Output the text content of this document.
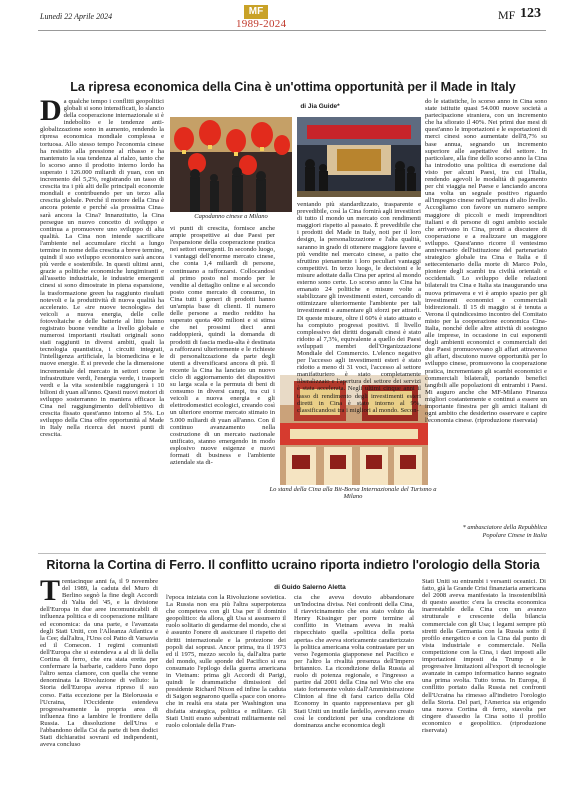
Lunedì 22 Aprile 2024	MF
1989-2024
MF 123
La ripresa economica della Cina è un'ottima opportunità per il Made in Italy
di Jia Guide*
Da qualche tempo i conflitti geopolitici globali si sono intensificati, lo slancio della cooperazione internazionale si è indebolito e le tendenze anti-globalizzazione sono in aumento, rendendo la ripresa economica mondiale complessa e tortuosa. Allo stesso tempo l'economia cinese ha resistito alla pressione al ribasso e ha mantenuto la sua tendenza al rialzo, tanto che lo scorso anno il prodotto interno lordo ha superato i 126.000 miliardi di yuan, con un incremento del 5,2%, registrando un tasso di crescita tra i più alti delle principali economie mondiali e contribuendo per un terzo alla crescita globale. Perché il motore della Cina è ancora potente e perché «la prossima Cina» sarà ancora la Cina? Innanzitutto, la Cina persegue un nuovo concetto di sviluppo e continua a promuovere uno sviluppo di alta qualità. La Cina non intende sacrificare l'ambiente nel accumulare ricchi a lungo termine in nome della crescita a breve termine, quindi il suo sviluppo economico sarà ancora più verde e sostenibile. In questi ultimi anni, grazie a politiche economiche lungimiranti e all'assetto industriale, le industrie emergenti cinesi si sono dimostrate in piena espansione, la trasformazione green ha raggiunto risultati notevoli e la produttività di nuova qualità ha accelerato. Le «tre nuove tecnologie» dei veicoli a nuova energia, delle celle fotovoltaiche e delle batterie al litio hanno registrato buone vendite a livello globale e numerosi importanti risultati originali sono stati raggiunti in diversi ambiti, quali la tecnologia quantistica, i circuiti integrati, l'intelligenza artificiale, la biomedicina e le nuove energie. È si prevede che la dimensione incrementale del mercato in settori come le infrastrutture verdi, l'energia verde, i trasporti verdi e la vita sostenibile raggiungerà i 10 bilioni di yuan all'anno. Questi nuovi motori di sviluppo sosterranno in maniera efficace la Cina nel raggiungimento dell'obiettivo di crescita fissato quest'anno intorno al 5%. Lo sviluppo della Cina offre opportunità al Made in Italy nella ricerca dei nuovi punti di crescita.
Capodanno cinese a Milano
Lo stand della Cina alla Bit-Borsa Internazionale del Turismo a Milano
vi punti di crescita, fornisce anche ampie prospettive ai due Paesi per l'espansione della cooperazione pratica nei settori emergenti. In secondo luogo, i vantaggi dell'enorme mercato cinese, che conta 1,4 miliardi di persone, continuano a rafforzarsi. Collocandosi al primo posto nel mondo per le vendite al dettaglio online e al secondo posto come mercato di consumo, in Cina tutti i generi di prodotti hanno un'ampia base di clienti. Il numero delle persone a medio reddito ha superato quota 400 milioni e si stima che nei prossimi dieci anni raddoppierà, quindi la domanda di prodotti di fascia media-alta è destinata a rafforzarsi ulteriormente e le richieste di personalizzazione da parte degli utenti a diversificarsi ancora di più. Il recente la Cina ha lanciato un nuovo ciclo di aggiornamento dei dispositivi su larga scala e la permuta di beni di consumo in diversi campi, tra cui i veicoli a nuova energia e gli elettrodomestici ecologici, creando così un ulteriore enorme mercato stimato in 5.000 miliardi di yuan all'anno. Con il continuo avanzamento nella costruzione di un mercato nazionale unificato, stanno emergendo in modo esplosivo nuove esigenze e nuovi formati di business e l'ambiente aziendale sta di-
ventando più standardizzato, trasparente e prevedibile, così la Cina fornirà agli investitori di tutto il mondo un mercato con rendimenti maggiori rispetto al passato. È prevedibile che i prodotti del Made in Italy, noti per il loro design, la personalizzazione e l'alta qualità, saranno in grado di ottenere maggiore favore e più vendite nel mercato cinese, a patto che sfruttino pienamente i loro peculiari vantaggi competitivi. In terzo luogo, le decisioni e le misure adottate dalla Cina per aprirsi al mondo esterno sono certe. Lo scorso anno la Cina ha emanato 24 politiche e misure volte a stabilizzare gli investimenti esteri, cercando di ottimizzare ulteriormente l'ambiente per tali investimenti e aumentare gli sforzi per attrarli. Di queste misure, oltre il 60% è stato attuato e ha compiuto progressi positivi. Il livello complessivo dei diritti doganali cinesi è stato ridotto al 7,3%, equivalente a quello dei Paesi sviluppati membri dell'Organizzazione Mondiale del Commercio. L'elenco negativo per l'accesso agli investimenti esteri è stato ridotto a meno di 31 voci, l'accesso al settore manifatturiero è stato completamente liberalizzato e l'apertura del settore dei servizi è stata accelerata. Negli ultimi cinque anni il tasso di rendimento degli investimenti esteri diretti in Cina è stato intorno al 9%, classificandosi tra i migliori al mondo. Secon-
do le statistiche, lo scorso anno in Cina sono state istituite quasi 54.000 nuove società a partecipazione straniera, con un incremento che ha sfiorato il 40%. Nei primi due mesi di quest'anno le importazioni e le esportazioni di merci cinesi sono aumentate dell'8,7% su base annua, segnando un incremento superiore alle aspettative del settore. In particolare, alla fine dello scorso anno la Cina ha introdotto una politica di esenzione dal visto per alcuni Paesi, tra cui l'Italia, rendendo agevoli le modalità di pagamento per chi viaggia nel Paese e lanciando ancora una volta un segnale positivo riguardo all'impegno cinese nell'apertura di alto livello. Accogliamo con favore un numero sempre maggiore di piccoli e medi imprenditori italiani e di persone di ogni ambito sociale che arrivano in Cina, pronti a discutere di cooperazione e a realizzare un maggiore sviluppo. Quest'anno ricorre il ventesimo anniversario dell'istituzione del partenariato strategico globale tra Cina e Italia e il settecentenario della morte di Marco Polo, pioniere degli scambi tra civiltà orientali e occidentali. Lo sviluppo delle relazioni bilaterali tra Cina e Italia sta inaugurando una nuova primavera e vi è ampio spazio per gli investimenti economici e commerciali bidirezionali. Il 15 di maggio si è tenuta a Verona il quindicesimo incontro del Comitato misto per la cooperazione economica Cina-Italia, nonché delle altre attività di sostegno alle imprese, in occasione in cui esponenti degli ambienti economici e commerciali dei due Paesi promuovevano gli affari attraverso gli affari, discutono nuove opportunità per lo sviluppo cinese, promuovono la cooperazione pratica, incrementano gli scambi economici e commerciali bilaterali, portando benefici tangibili alle popolazioni di entrambi i Paesi. Mi auguro anche che MF-Milano Finanza migliori costantemente e continui a essere un importante finestra per gli amici italiani di ogni ambito che desiderino osservare e capire l'economia cinese. (riproduzione riservata)
* ambasciatore della Repubblica
Popolare Cinese in Italia
Ritorna la Cortina di Ferro. Il conflitto ucraino riporta indietro l'orologio della Storia
di Guido Salerno Aletta
Trentacinque anni fa, il 9 novembre del 1989, la caduta del Muro di Berlino segnò la fine degli Accordi di Yalta del '45, e la divisione dell'Europa in due aree incomunicabili di influenza politica e di cooperazione militare ed economica: da una parte, e l'avanzata degli Stati Uniti, con l'Alleanza Atlantica e la Cee; dall'altra, l'Urss col Patto di Varsavia ed il Comecon. I regimi comunisti dell'Europa che si estendeva a al di là della Cortina di ferro, che era stata eretta per confermare la barbarie, caddero l'uno dopo l'altro senza clamore, con quella che venne denominata la Rivoluzione di velluto: la Storia dell'Europa aveva ripreso il suo corso. Fatta eccezione per la Bielorussia e l'Ucraina, l'Occidente estendeva progressivamente la propria area di influenza fino a lambire le frontiere della Russia. La dissoluzione dell'Urss e l'abbandono della Csi da parte di ben dodici Stati dichiaratisi sovrani ed indipendenti, aveva concluso
l'epoca iniziata con la Rivoluzione sovietica. La Russia non era più l'altra superpotenza che competeva con gli Usa per il dominio geopolitico: da allora, gli Usa si assunsero il ruolo solitario di gendarme del mondo, che si è assunto l'onere di assicurare il rispetto dei diritti internazionale e la protezione dei popoli dai soprusi. Ancor prima, tra il 1973 ed il 1975, mezzo secolo fa, dall'altra parte del mondo, sulle sponde del Pacifico si era consumato l'epilogo della guerra americana in Vietnam: prima gli Accordi di Parigi, quindi le drammatiche dimissioni del presidente Richard Nixon ed infine la caduta di Saigon segnarono quella «pace con onore» che in realtà era stata per Washington una disfatta strategica, politica e militare. Gli Stati Uniti erano subentrati militarmente nel ruolo coloniale della Fran-
cia che aveva dovuto abbandonare un'Indocina divisa. Nei confronti della Cina, il riavvicinamento che era stato voluto da Henry Kissinger per porre termine al conflitto in Vietnam aveva in realtà rispecchiato quella «politica della porta aperta» che aveva storicamente caratterizzato la politica americana volta contrastare per un verso l'egemonia giapponese nel Pacifico e per l'altro la rivalità presenza dell'Impero britannico. La ricondizione della Russia al ruolo di potenza regionale, e l'ingresso a partire dal 2001 della Cina nel Wto che era stato fortemente voluto dall'Amministrazione Clinton al fine di farsi carico della Old Economy in quanto rappresentava per gli Stati Uniti un inutile fardello, avevano creato così le condizioni per una condizione di dominanza anche economica degli
Stati Uniti su entrambi i versanti oceanici. Di fatto, già la Grande Crisi finanziaria americana del 2008 aveva manifestato la insostenibilità di questo assetto: c'era la crescita economica inarrestabile della Cina con un avanzo strutturale e crescente della bilancia commerciale con gli Usa; i legami sempre più stretti della Germania con la Russia sotto il profilo energetico e con la Cina dal punto di vista industriale e commerciale. Nella competizione con la Cina, i dazi imposti alle importazioni imposti da Trump e le progressive limitazioni all'export di tecnologie avanzate in campo informatico hanno segnato una prima svolta. Tutto torna. In Europa, il conflitto portato dalla Russia nei confronti dell'Ucraina ha rimesso all'indietro l'orologio della Storia. Del pari, l'America sta erigendo una nuova Cortina di ferro, stavolta per cingere d'assedio la Cina sotto il profilo economico e geopolitico. (riproduzione riservata)
